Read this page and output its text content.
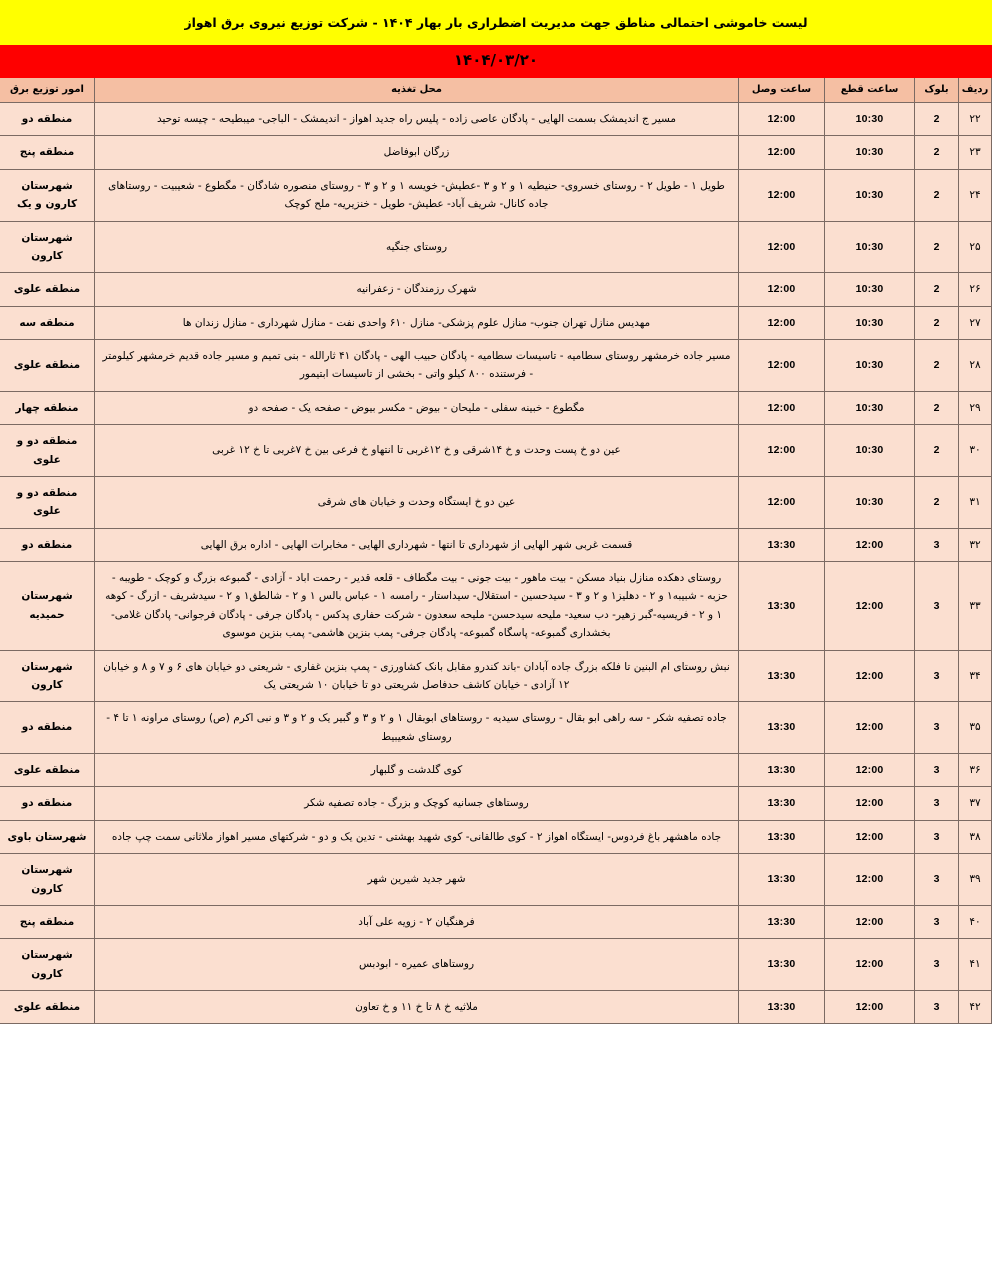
لیست خاموشی احتمالی مناطق جهت مدیریت اضطراری بار بهار ۱۴۰۴ - شرکت توزیع نیروی برق اهواز
۱۴۰۴/۰۳/۲۰
ردیف	بلوک	ساعت قطع	ساعت وصل	محل تغذیه	امور توزیع برق
۲۲	2	10:30	12:00	مسیر ج اندیمشک بسمت الهایی - پادگان عاصی زاده - پلیس راه جدید اهواز - اندیمشک - الباجی- میبطیحه - چیسه توحید	منطقه دو
۲۳	2	10:30	12:00	زرگان ابوفاضل	منطقه پنج
۲۴	2	10:30	12:00	طویل ۱ - طویل ۲ - روستای خسروی- حنیطیه ۱ و ۲ و ۳ -عطیش- خویسه ۱ و ۲ و ۳ - روستای منصوره شادگان - مگطوع - شعیبیت - روستاهای جاده کانال- شریف آباد- عطیش- طویل - خنزیریه- ملح کوچک	شهرستان کارون و یک
۲۵	2	10:30	12:00	روستای جنگیه	شهرستان کارون
۲۶	2	10:30	12:00	شهرک رزمندگان - زعفرانیه	منطقه علوی
۲۷	2	10:30	12:00	مهدیس منازل تهران جنوب- منازل علوم پزشکی- منازل ۶۱۰ واحدی نفت - منازل شهرداری - منازل زندان ها	منطقه سه
۲۸	2	10:30	12:00	مسیر جاده خرمشهر روستای سطامیه - تاسیسات سطامیه - پادگان حبیب الهی - پادگان ۴۱ ثارالله - بنی تمیم و مسیر جاده قدیم خرمشهر کیلومتر - فرستنده ۸۰۰ کیلو واتی - بخشی از تاسیسات ابتیمور	منطقه علوی
۲۹	2	10:30	12:00	مگطوع - خبینه سفلی - ملیحان - بیوض - مکسر بیوض - صفحه یک - صفحه دو	منطقه چهار
۳۰	2	10:30	12:00	عین دو خ پست وحدت و خ ۱۴شرقی و خ ۱۲غربی تا انتهاو خ فرعی بین خ ۷غربی تا خ ۱۲ غربی	منطقه دو و علوی
۳۱	2	10:30	12:00	عین دو خ ایستگاه وحدت و خیابان های شرقی	منطقه دو و علوی
۳۲	3	12:00	13:30	قسمت غربی شهر الهایی از شهرداری تا انتها - شهرداری الهایی - مخابرات الهایی - اداره برق الهایی	منطقه دو
۳۳	3	12:00	13:30	روستای دهکده منازل بنیاد مسکن - بیت ماهور - بیت جونی - بیت مگطاف - قلعه قدیر - رحمت اباد - آزادی - گمبوعه بزرگ و کوچک - طویبه - حزبه - شبیبه۱ و ۲ - دهلیز۱ و ۲ و ۳ - سیدحسین - استقلال- سیداستار - رامسه ۱ - عباس بالس ۱ و ۲ - شالطق۱ و ۲ - سیدشریف - ازرگ - کوهه ۱ و ۲ - فریسیه-گبر زهیر- دب سعید- ملیحه سیدحسن- ملیحه سعدون - شرکت حفاری پدکس - پادگان جرفی - پادگان فرجوانی- پادگان غلامی- بخشداری گمبوعه- پاسگاه گمبوعه- پادگان جرفی- پمب بنزین هاشمی- پمب بنزین موسوی	شهرستان حمیدیه
۳۴	3	12:00	13:30	نبش روستای ام البنین تا فلکه بزرگ جاده آبادان -باند کندرو مقابل بانک کشاورزی - پمپ بنزین غفاری - شریعتی دو خیابان های ۶ و ۷ و ۸ و خیابان ۱۲ آزادی - خیابان کاشف حدفاصل شریعتی دو تا خیابان ۱۰ شریعتی یک	شهرستان کارون
۳۵	3	12:00	13:30	جاده تصفیه شکر - سه راهی ابو بقال - روستای سیدیه - روستاهای ابوبقال ۱ و ۲ و ۳ و گبیر یک و ۲ و ۳ و نبی اکرم (ص) روستای مراونه ۱ تا ۴ - روستای شعیبیط	منطقه دو
۳۶	3	12:00	13:30	کوی گلدشت و گلبهار	منطقه علوی
۳۷	3	12:00	13:30	روستاهای جسانیه کوچک و بزرگ - جاده تصفیه شکر	منطقه دو
۳۸	3	12:00	13:30	جاده ماهشهر باغ فردوس- ایستگاه اهواز ۲ - کوی طالقانی- کوی شهید بهشتی - تدین یک و دو - شرکتهای مسیر اهواز ملاثانی سمت چپ جاده	شهرستان باوی
۳۹	3	12:00	13:30	شهر جدید شیرین شهر	شهرستان کارون
۴۰	3	12:00	13:30	فرهنگیان ۲ - زویه علی آباد	منطقه پنج
۴۱	3	12:00	13:30	روستاهای عمیره - ابودبس	شهرستان کارون
۴۲	3	12:00	13:30	ملاثیه خ ۸ تا خ ۱۱ و خ تعاون	منطقه علوی
